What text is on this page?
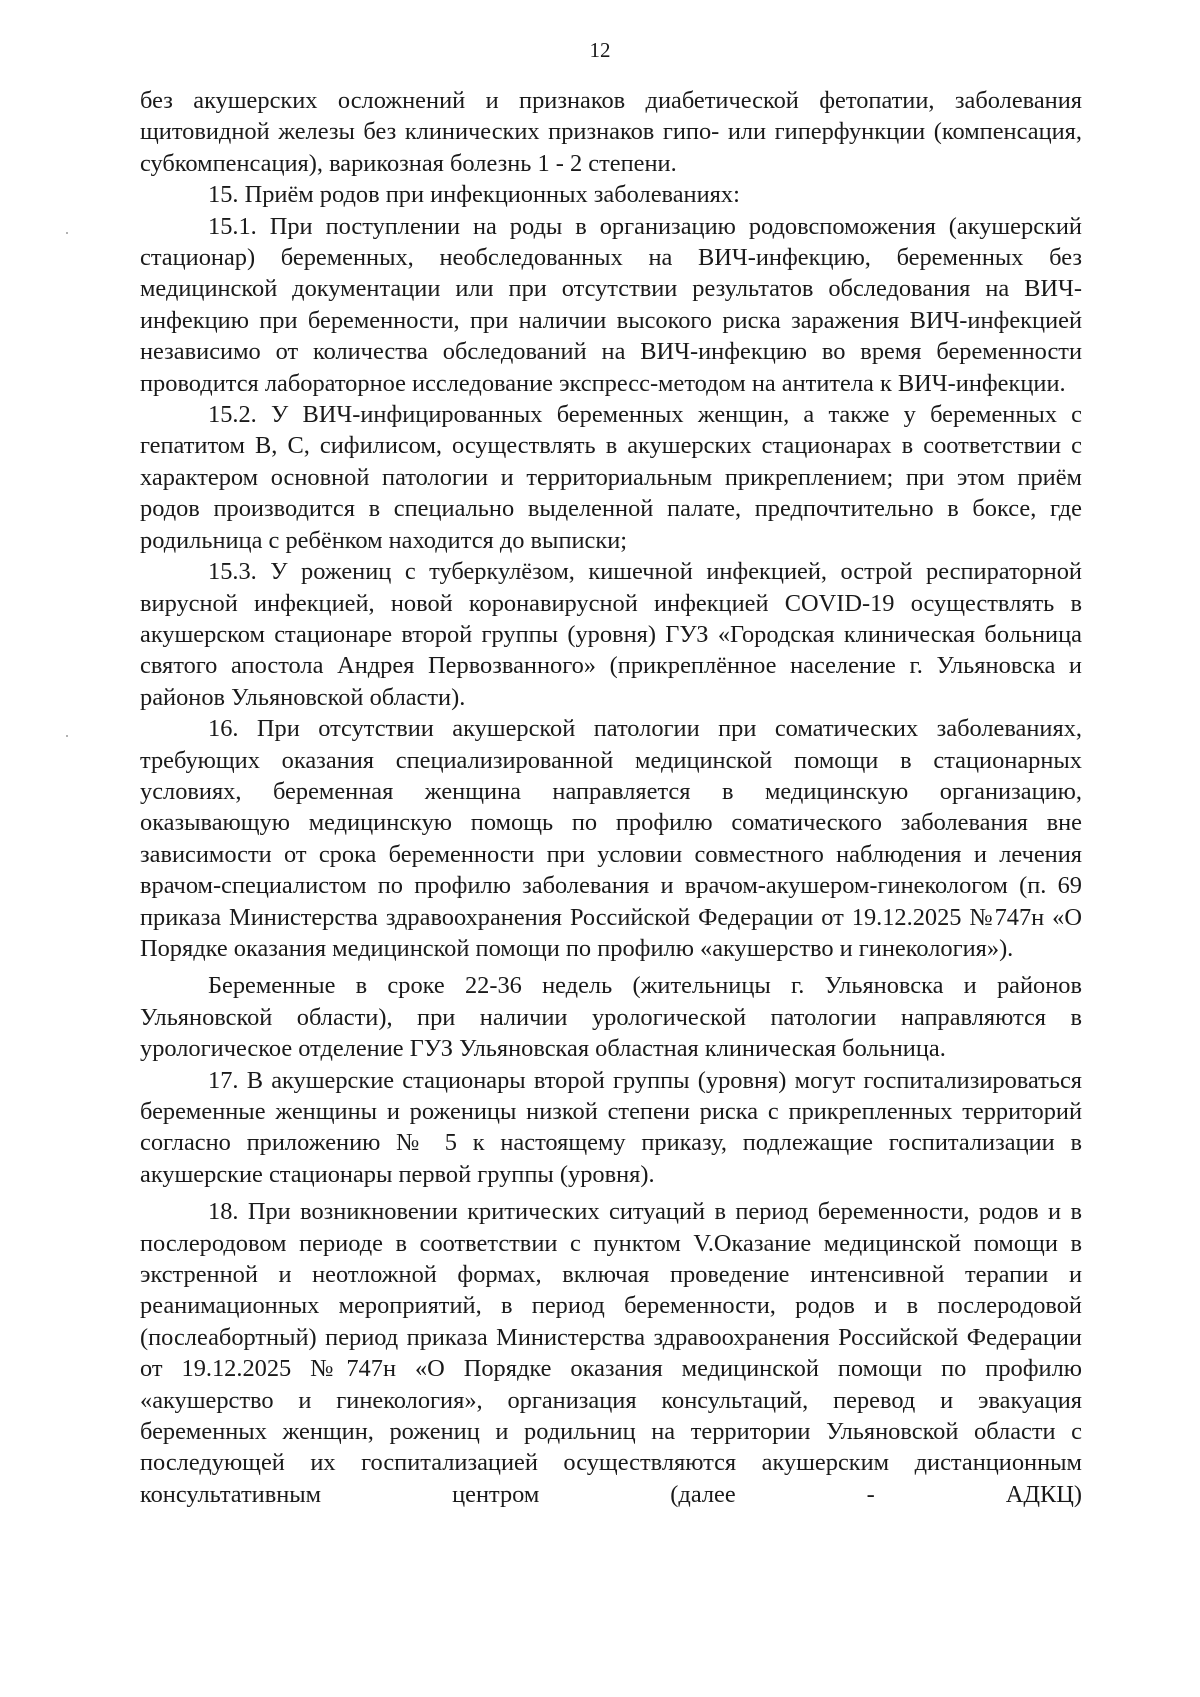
12

без акушерских осложнений и признаков диабетической фетопатии, заболевания щитовидной железы без клинических признаков гипо- или гиперфункции (компенсация, субкомпенсация), варикозная болезнь 1 - 2 степени.

15. Приём родов при инфекционных заболеваниях:

15.1. При поступлении на роды в организацию родовспоможения (акушерский стационар) беременных, необследованных на ВИЧ-инфекцию, беременных без медицинской документации или при отсутствии результатов обследования на ВИЧ-инфекцию при беременности, при наличии высокого риска заражения ВИЧ-инфекцией независимо от количества обследований на ВИЧ-инфекцию во время беременности проводится лабораторное исследование экспресс-методом на антитела к ВИЧ-инфекции.

15.2. У ВИЧ-инфицированных беременных женщин, а также у беременных с гепатитом В, С, сифилисом, осуществлять в акушерских стационарах в соответствии с характером основной патологии и территориальным прикреплением; при этом приём родов производится в специально выделенной палате, предпочтительно в боксе, где родильница с ребёнком находится до выписки;

15.3. У рожениц с туберкулёзом, кишечной инфекцией, острой респираторной вирусной инфекцией, новой коронавирусной инфекцией COVID-19 осуществлять в акушерском стационаре второй группы (уровня) ГУЗ «Городская клиническая больница святого апостола Андрея Первозванного» (прикреплённое население г. Ульяновска и районов Ульяновской области).

16. При отсутствии акушерской патологии при соматических заболеваниях, требующих оказания специализированной медицинской помощи в стационарных условиях, беременная женщина направляется в медицинскую организацию, оказывающую медицинскую помощь по профилю соматического заболевания вне зависимости от срока беременности при условии совместного наблюдения и лечения врачом-специалистом по профилю заболевания и врачом-акушером-гинекологом (п. 69 приказа Министерства здравоохранения Российской Федерации от 19.12.2025 №747н «О Порядке оказания медицинской помощи по профилю «акушерство и гинекология»).

Беременные в сроке 22-36 недель (жительницы г. Ульяновска и районов Ульяновской области), при наличии урологической патологии направляются в урологическое отделение ГУЗ Ульяновская областная клиническая больница.

17. В акушерские стационары второй группы (уровня) могут госпитализироваться беременные женщины и роженицы низкой степени риска с прикрепленных территорий согласно приложению № 5 к настоящему приказу, подлежащие госпитализации в акушерские стационары первой группы (уровня).

18. При возникновении критических ситуаций в период беременности, родов и в послеродовом периоде в соответствии с пунктом V.Оказание медицинской помощи в экстренной и неотложной формах, включая проведение интенсивной терапии и реанимационных мероприятий, в период беременности, родов и в послеродовой (послеабортный) период приказа Министерства здравоохранения Российской Федерации от 19.12.2025 №747н «О Порядке оказания медицинской помощи по профилю «акушерство и гинекология», организация консультаций, перевод и эвакуация беременных женщин, рожениц и родильниц на территории Ульяновской области с последующей их госпитализацией осуществляются акушерским дистанционным консультативным центром (далее - АДКЦ)
